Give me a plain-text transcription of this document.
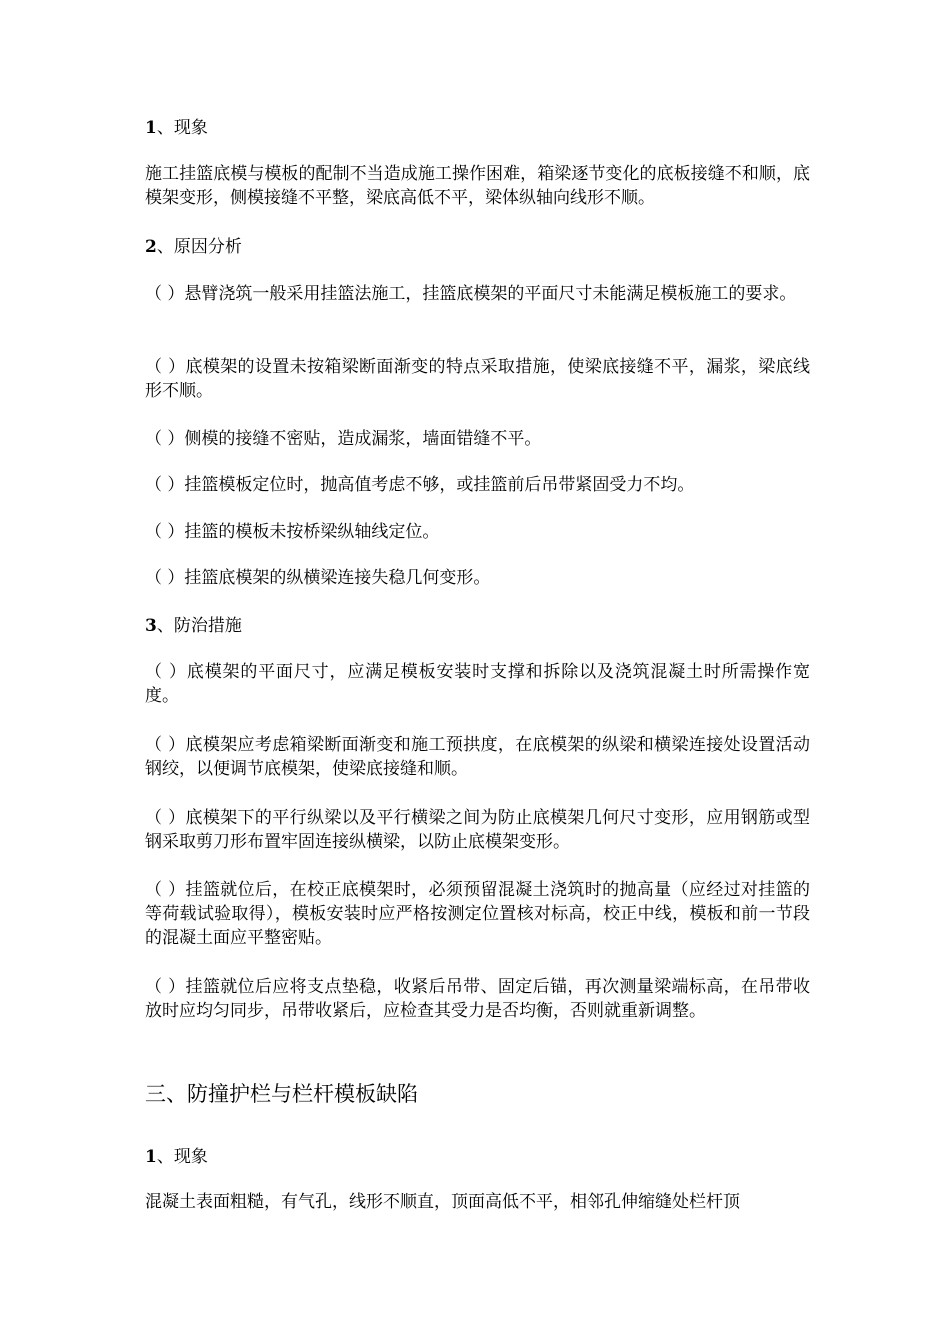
1、现象

施工挂篮底模与模板的配制不当造成施工操作困难，箱梁逐节变化的底板接缝不和顺，底模架变形，侧模接缝不平整，梁底高低不平，梁体纵轴向线形不顺。

2、原因分析

（ ）悬臂浇筑一般采用挂篮法施工，挂篮底模架的平面尺寸未能满足模板施工的要求。

（ ）底模架的设置未按箱梁断面渐变的特点采取措施，使梁底接缝不平，漏浆，梁底线形不顺。

（ ）侧模的接缝不密贴，造成漏浆，墙面错缝不平。

（ ）挂篮模板定位时，抛高值考虑不够，或挂篮前后吊带紧固受力不均。

（ ）挂篮的模板未按桥梁纵轴线定位。

（ ）挂篮底模架的纵横梁连接失稳几何变形。

3、防治措施

（ ）底模架的平面尺寸，应满足模板安装时支撑和拆除以及浇筑混凝土时所需操作宽度。

（ ）底模架应考虑箱梁断面渐变和施工预拱度，在底模架的纵梁和横梁连接处设置活动钢绞，以便调节底模架，使梁底接缝和顺。

（ ）底模架下的平行纵梁以及平行横梁之间为防止底模架几何尺寸变形，应用钢筋或型钢采取剪刀形布置牢固连接纵横梁，以防止底模架变形。

（ ）挂篮就位后，在校正底模架时，必须预留混凝土浇筑时的抛高量（应经过对挂篮的等荷载试验取得），模板安装时应严格按测定位置核对标高，校正中线，模板和前一节段的混凝土面应平整密贴。

（ ）挂篮就位后应将支点垫稳，收紧后吊带、固定后锚，再次测量梁端标高，在吊带收放时应均匀同步，吊带收紧后，应检查其受力是否均衡，否则就重新调整。

三、防撞护栏与栏杆模板缺陷

1、现象

混凝土表面粗糙，有气孔，线形不顺直，顶面高低不平，相邻孔伸缩缝处栏杆顶
